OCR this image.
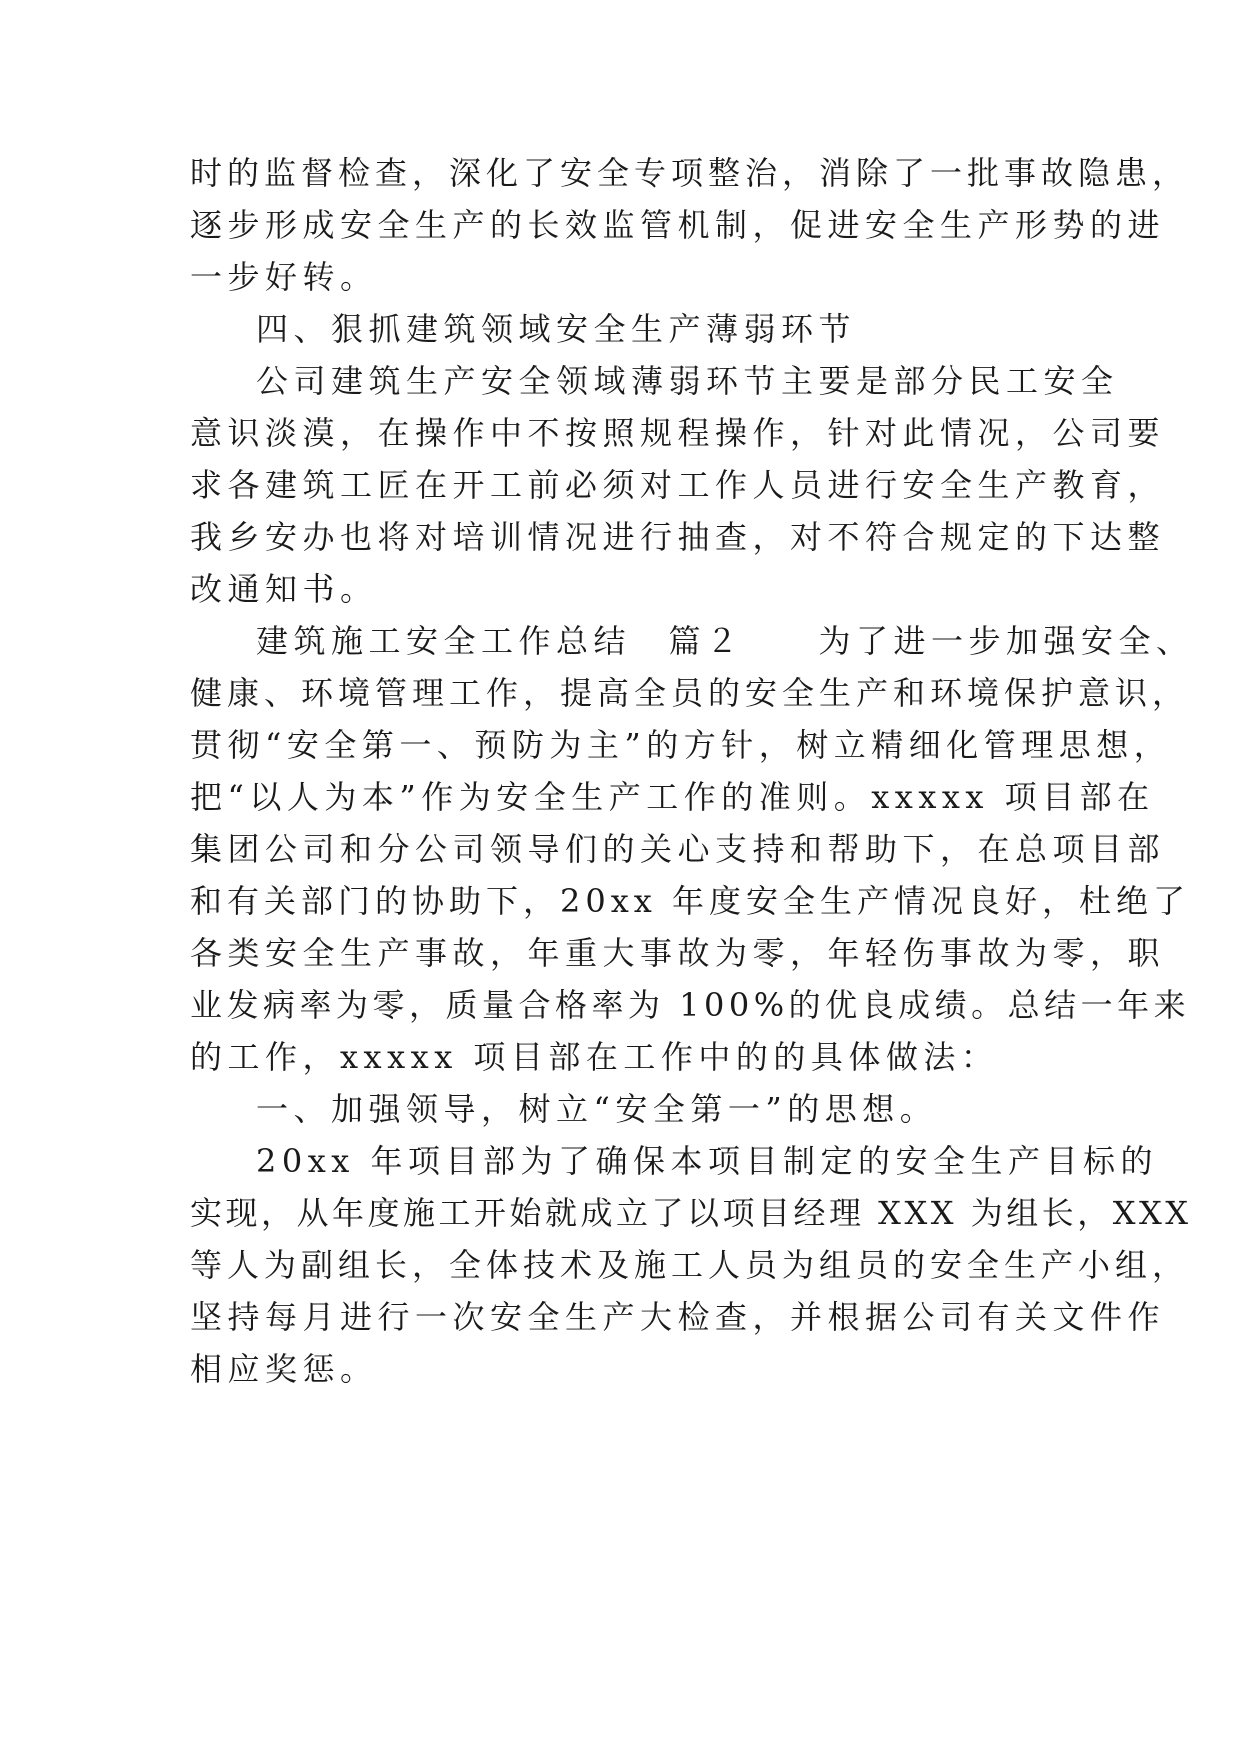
时的监督检查，深化了安全专项整治，消除了一批事故隐患，

逐步形成安全生产的长效监管机制，促进安全生产形势的进

一步好转。

四、狠抓建筑领域安全生产薄弱环节

公司建筑生产安全领域薄弱环节主要是部分民工安全

意识淡漠，在操作中不按照规程操作，针对此情况，公司要

求各建筑工匠在开工前必须对工作人员进行安全生产教育，

我乡安办也将对培训情况进行抽查，对不符合规定的下达整

改通知书。

建筑施工安全工作总结　篇２　　为了进一步加强安全、

健康、环境管理工作，提高全员的安全生产和环境保护意识，

贯彻“安全第一、预防为主”的方针，树立精细化管理思想，

把“以人为本”作为安全生产工作的准则。xxxxx 项目部在

集团公司和分公司领导们的关心支持和帮助下，在总项目部

和有关部门的协助下，20xx 年度安全生产情况良好，杜绝了

各类安全生产事故，年重大事故为零，年轻伤事故为零，职

业发病率为零，质量合格率为 100%的优良成绩。总结一年来

的工作，xxxxx 项目部在工作中的的具体做法：

一、加强领导，树立“安全第一”的思想。

20xx 年项目部为了确保本项目制定的安全生产目标的

实现，从年度施工开始就成立了以项目经理 XXX 为组长，XXX

等人为副组长，全体技术及施工人员为组员的安全生产小组，

坚持每月进行一次安全生产大检查，并根据公司有关文件作

相应奖惩。
